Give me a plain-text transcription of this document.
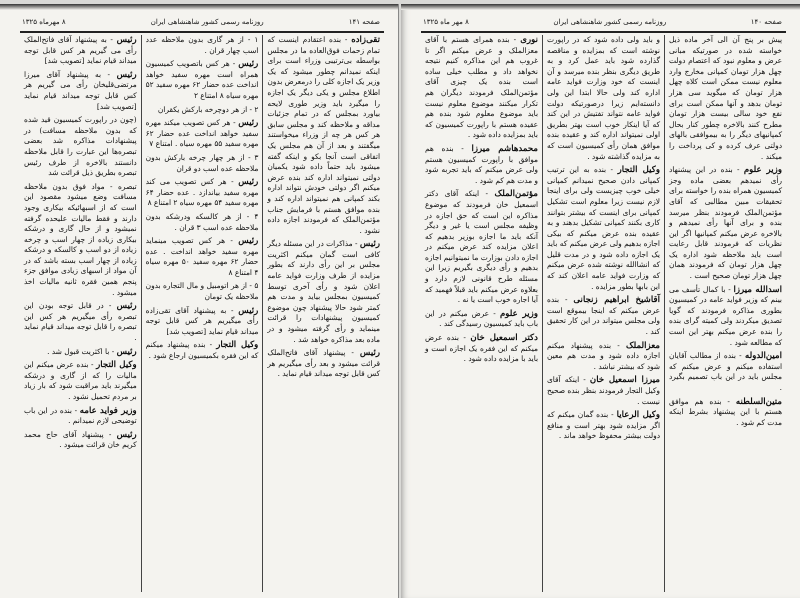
صفحه ۱۴۱
روزنامه رسمی کشور شاهنشاهی ایران
۸ مهرماه ۱۳۲۵
تقی‌زاده - بنده اعتقادم اینست که تمام زحمات فوق‌العاده ما در مجلس بواسطه بی‌ترتیبی وزراء است برای اینکه نمیدانم چطور میشود که یک وزیر یک اجازه کلی را درمعرض بدون اطلاع مجلس و یکی دیگر یک اجازه را میگیرد باید وزیر طوری لایحه بیاورد بمجلس که در تمام جزئیات مداقه و ملاحظه کند و مجلس سابق هر کس هر چه از وزراء میخواستند میگفتند و بعد از آن هم مجلس یک اتفاقی است آنجا بکو و اینکه گفته میشود باید حتماً داده شود یکمیان دولتی نمیتواند اداره کند بنده عرض میکنم اگر دولتی خودش نتواند اداره بکند کمپانی هم نمیتواند اداره کند و بنده موافق هستم با فرمایش جناب مؤتمن‌الملک که فرمودند اجازه داده نشود .
رئیس - مذاکرات در این مسئله دیگر کافی است گمان میکنم اکثریت مجلس بر این رأی دارند که بطور مزایده از طرف وزارت فواید عامه اعلان شود و رأی آخری توسط کمیسیون بمجلس بیاید و مدت هم کمتر شود حالا پیشنهاد چون موضوع کمیسیون پیشنهادات را قرائت مینماید و رأی گرفته میشود و در ماده بعد مذاکره خواهد شد .
رئیس - پیشنهاد آقای فاتح‌الملک قرائت میشود و بعد رأی میگیریم هر کس قابل توجه میداند قیام نماید .
۱ - از هر گاری بدون ملاحظه عدد اسب چهار قران .
رئیس - هر کس باتصویب کمیسیون همراه است مهره سفید خواهد انداخت عده حضار ۶۲ مهره سفید ۵۲ مهره سیاه ۸ امتناع ۲
۲ - از هر دوچرخه بارکش یکقران
رئیس - هر کس تصویب میکند مهره سفید خواهد انداخت عده حضار ۶۲ مهره سفید ۵۵ مهره سیاه . امتناع ۷
۳ - از هر چهار چرخه بارکش بدون ملاحظه عده اسب دو قران
رئیس - هر کس تصویب می کند مهره سفید بیاندازد . عده حضار ۶۴ مهره سفید ۵۴ مهره سیاه ۲ امتناع ۸
۴ - از هر کالسکه ودرشکه بدون ملاحظه عده اسب ۳ قران .
رئیس - هر کس تصویب مینماید مهره سفید خواهد انداخت . عده حضار ۶۲ مهره سفید ۵۰ مهره سیاه ۴ امتناع ۸
۵ - از هر اتومبیل و مال التجاره بدون ملاحظه یک تومان
رئیس - به پیشنهاد آقای تقی‌زاده رأی میگیریم هر کس قابل توجه میداند قیام نماید [تصویب شد]
وکیل التجار - بنده پیشنهاد میکنم که این فقره بکمیسیون ارجاع شود .
رئیس - به پیشنهاد آقای فاتح‌الملک رأی می گیریم هر کس قابل توجه میداند قیام نماید [تصویب شد]
رئیس - به پیشنهاد آقای میرزا مرتضی‌قلیخان رأی می گیریم هر کس قابل توجه میداند قیام نماید [تصویب شد]
(چون در راپورت کمیسیون قید شده که بدون ملاحظه مسافت) در پیشنهادات مذاکره شد بعضی تبصره‌ها این عبارت را قابل ملاحظه دانستند بالاخره از طرف رئیس تبصره بطریق ذیل قرائت شد
تبصره - مواد فوق بدون ملاحظه مسافت وضع میشود مقصود این است که از اسبهائیکه بیکاری وجود دارند و فقط مالیات علیحده گرفته نمیشود و از حال گاری و درشکه بیکاری زیاده از چهار اسب و چرخه زیاده از دو اسب و کالسکه و درشکه زیاده از چهار اسب بسته باشد که در آن مواد از اسبهای زیادی موافق جزء پنجم همین فقره ثانیه مالیات اخذ میشود .
رئیس - در قابل توجه بودن این تبصره رأی میگیریم هر کس این تبصره را قابل توجه میداند قیام نماید .
رئیس - با اکثریت قبول شد .
وکیل التجار - بنده عرض میکنم این مالیات را که از گاری و درشکه میگیرند باید مراقبت شود که بار زیاد بر مردم تحمیل نشود .
وزیر فواید عامه - بنده در این باب توضیحی لازم نمیدانم .
رئیس - پیشنهاد آقای حاج محمد کریم خان قرائت میشود .
صفحه ۱۴۰
روزنامه رسمی کشور شاهنشاهی ایران
۸ مهر ماه ۱۳۲۵
پیش بر پنج آن الی آخر ماده ذیل خواسته شده در صورتیکه مبانی عرض و معلوم نبود که اعتصام دولت چهل هزار تومان کمپانی مخارج وارد معلوم نیست ممکن است کلاه چهل هزار تومان که میگوید سی هزار تومان بدهد و آنها ممکن است برای نفع خود سالی بیست هزار تومان مطرح کنند بالاخره چطور کنار بحال کمپانیهای دیگر را به بیموافقی بالهای دولتی عرف کرده و کی پرداخت را میکند .
وزیر علوم - بنده در این پیشنهاد رأی نمیدهم بعضی ماده وجز کمیسیون همراه بنده را خواسته برای تحقیقات مبین مطالبی که آقای مؤتمن‌الملک فرمودند بنظر میرسد بنده و برای آنها رأی نمیدهم و بالاخره عرض میکنم کمپانیها اگر این نظریات که فرمودند قابل رعایت است باید ملاحظه شود اداره یک چهل هزار تومان که فرمودند همان چهل هزار تومان صحیح است .
اسدالله میرزا - با کمال تأسف می بینم که وزیر فواید عامه در کمیسیون بطوری مذاکره فرمودند که گویا تصدیق میکردند ولی کمیته گرای بنده را بنده عرض میکنم بهتر این است که مطالعه شود .
امین‌الدوله - بنده از مطالب آقایان استفاده میکنم و عرض میکنم که مجلس باید در این باب تصمیم بگیرد .
متین‌السلطنه - بنده هم موافق هستم با این پیشنهاد بشرط اینکه مدت کم شود .
و باید ولی داده شود که در راپورت نوشته است که بمزایده و مناقصه گذارده شود باید عمل کرد و به طریق دیگری بنظر بنده میرسد و آن اینست که خود وزارت فواید عامه اداره کند ولی حالا ابتدا این ولی دانسته‌ایم زیرا درصورتیکه دولت فواید عامه نتواند تفتیش در این کند که آیا اینکار خوب است بهتر بطریق اولی نمیتواند اداره کند و عقیده بنده موافق همان رأی کمیسیون است که به مزایده گذاشته شود .
وکیل التجار - بنده به این ترتیب کمپانی دادن صحیح نمیدانم کمپانی خیلی خوب چیزیست ولی برای اینجا لازم نیست زیرا معلوم است تشکیل کمپانی برای اینست که بیشتر بتوانند کاری بکنند کمپانی تشکیل بدهند و به عقیده بنده عرض میکنم که بیکی اجازه بدهیم ولی عرض میکنم که باید یک اجازه داده شود و در مدت قلیل که انشاالله نوشته شده عرض میکنم که وزارت فواید عامه اعلان کند که این بابها بطور مزایده .
آقاشیخ ابراهیم زنجانی - بنده عرض میکنم که اینجا بیموقع است ولی مجلس میتواند در این کار تحقیق کند .
معزالملک - بنده پیشنهاد میکنم اجازه داده شود و مدت هم معین شود که بیشتر نباشد .
میرزا اسمعیل خان - اینکه آقای وکیل التجار فرمودند بنظر بنده صحیح نیست .
وکیل الرعایا - بنده گمان میکنم که اگر مزایده شود بهتر است و منافع دولت بیشتر محفوظ خواهد ماند .
نوری - بنده همرای هستم با آقای معزالملک و عرض میکنم اگر تا غروب هم این مذاکره کنیم نتیجه نخواهد داد و مطلب خیلی ساده است بنده یک چیزی آقای مؤتمن‌الملک فرمودند دیگران هم تکرار میکنند موضوع معلوم نیست باید موضوع معلوم شود بنده هم عقیده هستم با راپورت کمیسیون که باید بمزایده داده شود .
محمدهاشم میرزا - بنده هم موافق با راپورت کمیسیون هستم ولی عرض میکنم که باید تجربه شود و مدت هم کم شود .
مؤتمن‌الملک - اینکه آقای دکتر اسمعیل خان فرمودند که موضوع مذاکره این است که حق اجازه در وظیفه مجلس است یا غیر و دیگر آنکه باید ما اجازه بوزیر بدهیم که اعلان مزایده کند عرض میکنم در اجازه دادن بوزارت ما نمیتوانیم اجازه بدهیم و رأی دیگری بگیریم زیرا این مسئله طرح قانونی لازم دارد و بعلاوه عرض میکنم باید قبلاً فهمید که آیا اجاره خوب است یا نه .
وزیر علوم - عرض میکنم در این باب باید کمیسیون رسیدگی کند .
دکتر اسمعیل خان - بنده عرض میکنم که این فقره یک اجازه است و باید با مزایده داده شود .
